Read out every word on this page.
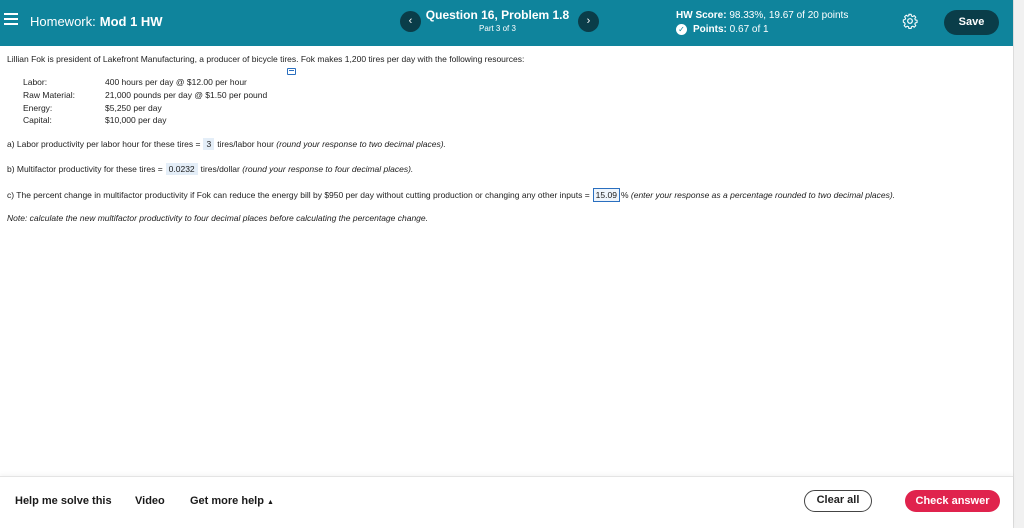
Homework: Mod 1 HW	‹	Question 16, Problem 1.8
Part 3 of 3
›	HW Score: 98.33%, 19.67 of 20 points
✓ Points:
0.67 of 1
Save
Lillian Fok is president of Lakefront Manufacturing, a producer of bicycle tires. Fok makes 1,200 tires per day with the following resources:
Labor:	400 hours per day @ $12.00 per hour
Raw Material:	21,000 pounds per day @ $1.50 per pound
Energy:	$5,250 per day
Capital:	$10,000 per day
a) Labor productivity per labor hour for these tires = 3 tires/labor hour (round your response to two decimal places).
b) Multifactor productivity for these tires = 0.0232 tires/dollar (round your response to four decimal places).
c) The percent change in multifactor productivity if Fok can reduce the energy bill by $950 per day without cutting production or changing any other inputs = 15.09 % (enter your response as a percentage rounded to two decimal places).
Note: calculate the new multifactor productivity to four decimal places before calculating the percentage change.
Help me solve this Video Get more help ▲	Clear all	Check answer
